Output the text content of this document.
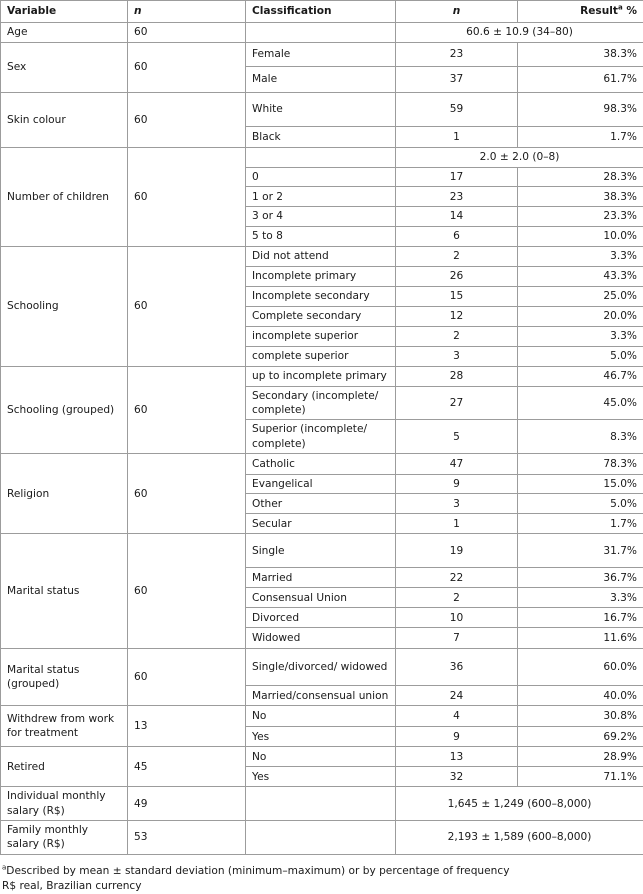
Variable	n	Classification	n	Result$^a$ %
Age	60		60.6 ± 10.9 (34–80)	
Sex	60	Female	23	38.3%
		Male	37	61.7%
Skin colour	60	White	59	98.3%
		Black	1	1.7%
Number of children	60		2.0 ± 2.0 (0–8)	
		0	17	28.3%
		1 or 2	23	38.3%
		3 or 4	14	23.3%
		5 to 8	6	10.0%
Schooling	60	Did not attend	2	3.3%
		Incomplete primary	26	43.3%
		Incomplete secondary	15	25.0%
		Complete secondary	12	20.0%
		incomplete superior	2	3.3%
		complete superior	3	5.0%
Schooling (grouped)	60	up to incomplete primary	28	46.7%
		Secondary (incomplete/ complete)	27	45.0%
		Superior (incomplete/ complete)	5	8.3%
Religion	60	Catholic	47	78.3%
		Evangelical	9	15.0%
		Other	3	5.0%
		Secular	1	1.7%
Marital status	60	Single	19	31.7%
		Married	22	36.7%
		Consensual Union	2	3.3%
		Divorced	10	16.7%
		Widowed	7	11.6%
Marital status (grouped)	60	Single/divorced/ widowed	36	60.0%
		Married/consensual union	24	40.0%
Withdrew from work for treatment	13	No	4	30.8%
		Yes	9	69.2%
Retired	45	No	13	28.9%
		Yes	32	71.1%
Individual monthly salary (R$)	49		1,645 ± 1,249 (600–8,000)	
Family monthly salary (R$)	53		2,193 ± 1,589 (600–8,000)	
$^a$Described by mean ± standard deviation (minimum–maximum) or by percentage of frequency
R$ real, Brazilian currency
